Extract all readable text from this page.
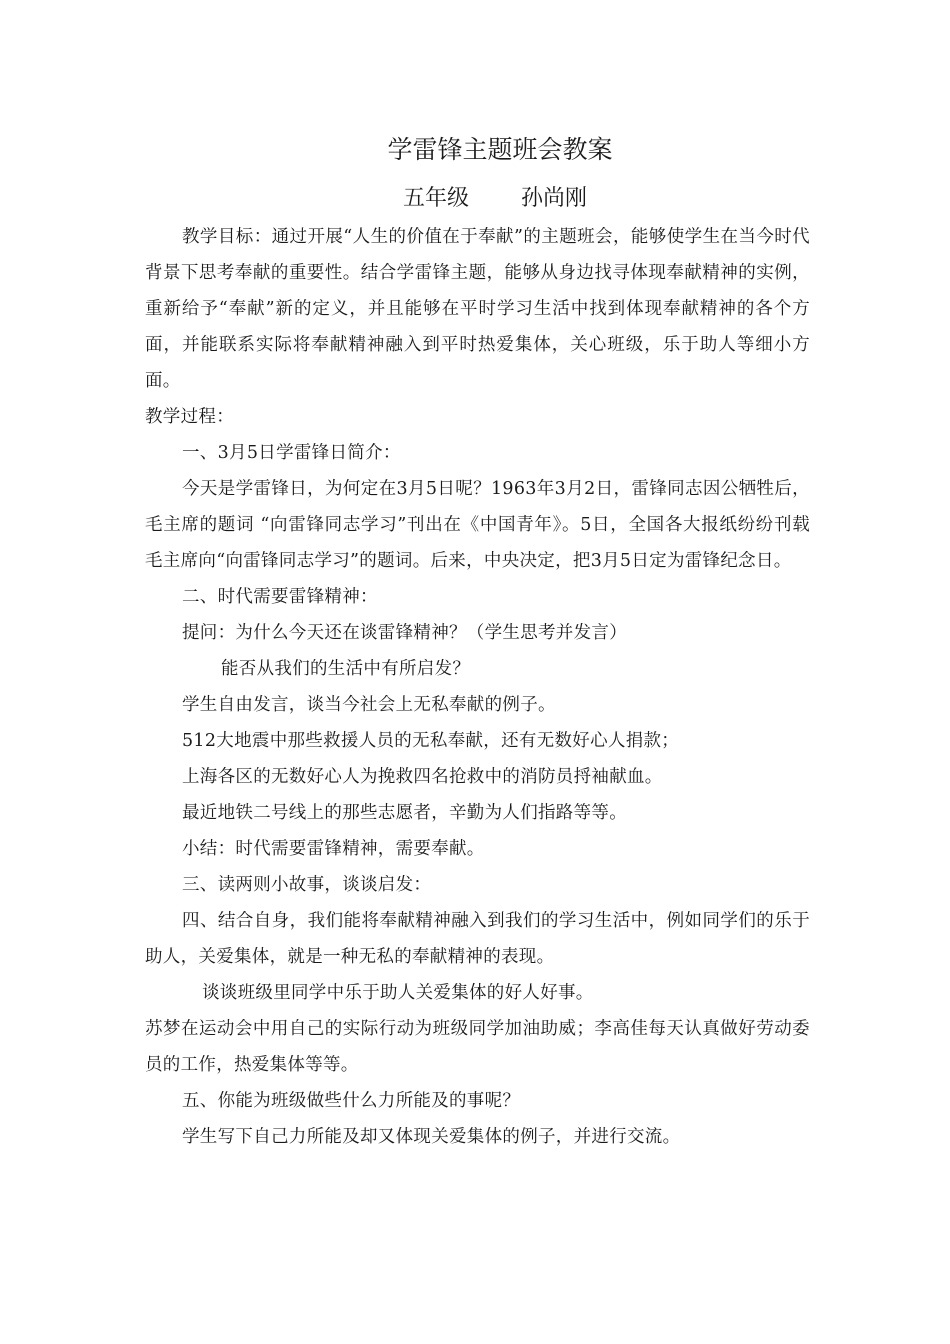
学雷锋主题班会教案
五年级 孙尚刚

教学目标：通过开展“人生的价值在于奉献”的主题班会，能够使学生在当今时代背景下思考奉献的重要性。结合学雷锋主题，能够从身边找寻体现奉献精神的实例，重新给予“奉献”新的定义，并且能够在平时学习生活中找到体现奉献精神的各个方面，并能联系实际将奉献精神融入到平时热爱集体，关心班级，乐于助人等细小方面。

教学过程：

一、3月5日学雷锋日简介：

今天是学雷锋日，为何定在3月5日呢？1963年3月2日，雷锋同志因公牺牲后，毛主席的题词 “向雷锋同志学习”刊出在《中国青年》。5日，全国各大报纸纷纷刊载毛主席向“向雷锋同志学习”的题词。后来，中央决定，把3月5日定为雷锋纪念日。

二、时代需要雷锋精神：

提问：为什么今天还在谈雷锋精神？（学生思考并发言）

能否从我们的生活中有所启发？

学生自由发言，谈当今社会上无私奉献的例子。

512大地震中那些救援人员的无私奉献，还有无数好心人捐款；

上海各区的无数好心人为挽救四名抢救中的消防员捋袖献血。

最近地铁二号线上的那些志愿者，辛勤为人们指路等等。

小结：时代需要雷锋精神，需要奉献。

三、读两则小故事，谈谈启发：

四、结合自身，我们能将奉献精神融入到我们的学习生活中，例如同学们的乐于助人，关爱集体，就是一种无私的奉献精神的表现。

谈谈班级里同学中乐于助人关爱集体的好人好事。

苏梦在运动会中用自己的实际行动为班级同学加油助威；李高佳每天认真做好劳动委员的工作，热爱集体等等。

五、你能为班级做些什么力所能及的事呢？

学生写下自己力所能及却又体现关爱集体的例子，并进行交流。
